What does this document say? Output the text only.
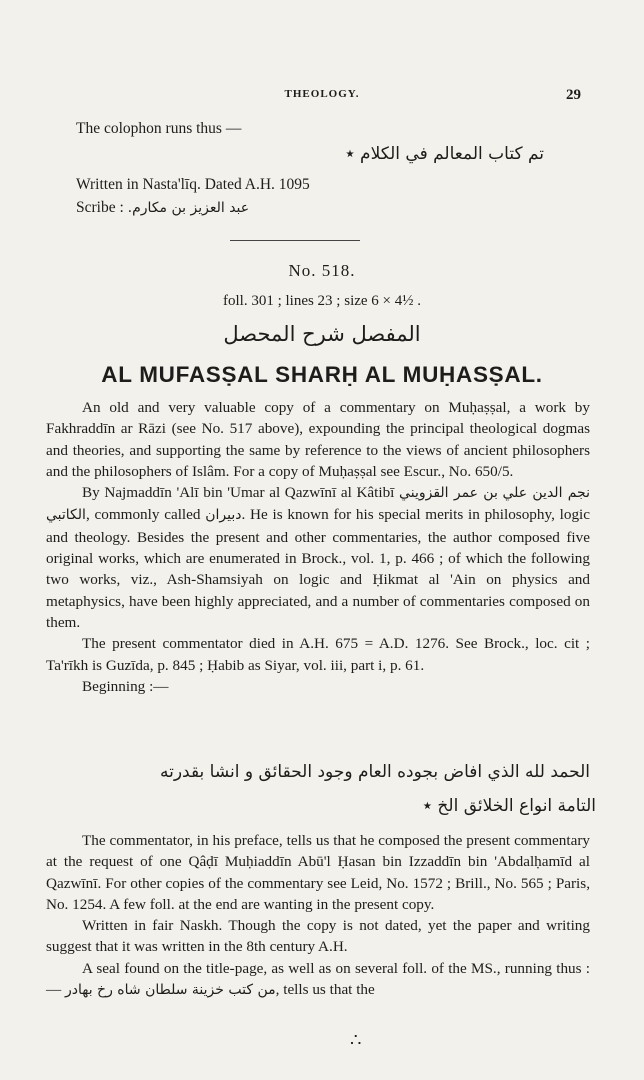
THEOLOGY.	29
The colophon runs thus —
تم كتاب المعالم في الكلام ٭
Written in Nasta'līq. Dated A.H. 1095
Scribe : عبد العزيز بن مكارم.
No. 518.
foll. 301 ; lines 23 ; size 6 × 4½ .
المفصل شرح المحصل
AL MUFASṢAL SHARḤ AL MUḤASṢAL.

An old and very valuable copy of a commentary on Muḥaṣṣal, a work by Fakhraddīn ar Rāzi (see No. 517 above), expounding the principal theological dogmas and theories, and supporting the same by reference to the views of ancient philosophers and the philosophers of Islâm. For a copy of Muḥaṣṣal see Escur., No. 650/5.

By Najmaddīn 'Alī bin 'Umar al Qazwīnī al Kâtibī	نجم الدين علي بن عمر القزويني الكاتبي, commonly called دبيران. He is known for his special merits in philosophy, logic and theology. Besides the present and other commentaries, the author composed five original works, which are enumerated in Brock., vol. 1, p. 466 ; of which the following two works, viz., Ash-Shamsiyah on logic and Ḥikmat al 'Ain on physics and metaphysics, have been highly appreciated, and a number of commentaries composed on them.

The present commentator died in A.H. 675 = A.D. 1276. See Brock., loc. cit ; Ta'rīkh is Guzīda, p. 845 ; Ḥabib as Siyar, vol. iii, part i, p. 61.

Beginning :—

الحمد لله الذي افاض بجوده العام وجود الحقائق و انشا بقدرته
التامة انواع الخلائق الخ ٭

The commentator, in his preface, tells us that he composed the present commentary at the request of one Qâḍī Muḥiaddīn Abū'l Ḥasan bin Izzaddīn bin 'Abdalḥamīd al Qazwīnī. For other copies of the commentary see Leid, No. 1572 ; Brill., No. 565 ; Paris, No. 1254. A few foll. at the end are wanting in the present copy.

Written in fair Naskh. Though the copy is not dated, yet the paper and writing suggest that it was written in the 8th century A.H.

A seal found on the title-page, as well as on several foll. of the MS., running thus :— من كتب خزينة سلطان شاه رخ بهادر, tells us that the

∴
